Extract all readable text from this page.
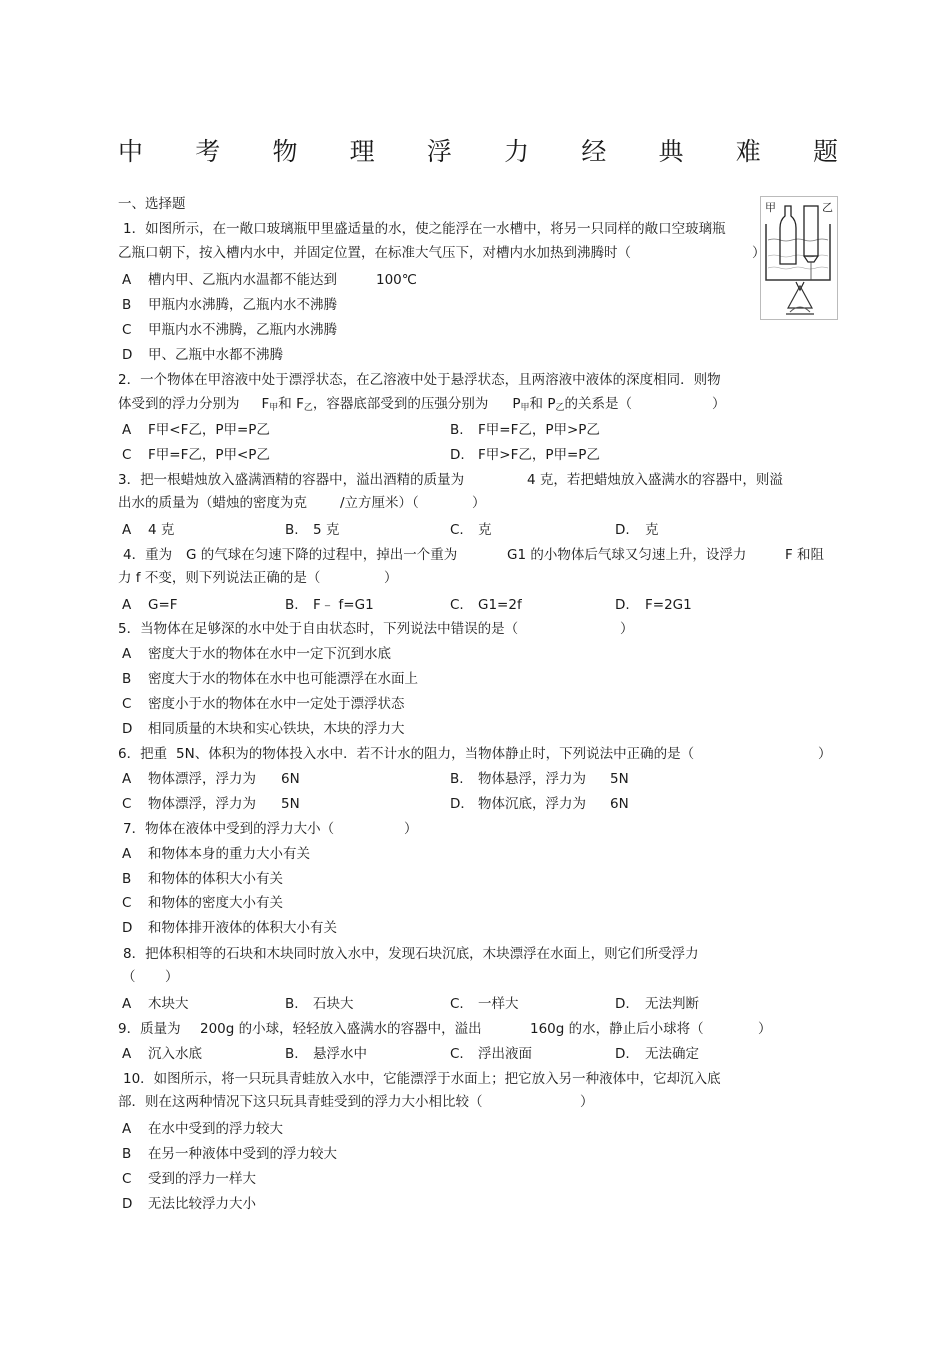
中 考 物 理 浮 力 经 典 难 题
一、选择题	甲	乙
1．如图所示，在一敞口玻璃瓶甲里盛适量的水，使之能浮在一水槽中，将另一只同样的敞口空玻璃瓶
乙瓶口朝下，按入槽内水中，并固定位置，在标准大气压下，对槽内水加热到沸腾时（	）
A 槽内甲、乙瓶内水温都不能达到	100℃
B 甲瓶内水沸腾，乙瓶内水不沸腾
C 甲瓶内水不沸腾，乙瓶内水沸腾
D 甲、乙瓶中水都不沸腾
2．一个物体在甲溶液中处于漂浮状态，在乙溶液中处于悬浮状态，且两溶液中液体的深度相同．则物
体受到的浮力分别为 $F_甲$和 $F_乙$，容器底部受到的压强分别为 $P_甲$和 $P_乙$的关系是（	）
A F甲<F乙，P甲=P乙	B. F甲=F乙，P甲>P乙
C F甲=F乙，P甲<P乙	D. F甲>F乙，P甲=P乙
3．把一根蜡烛放入盛满酒精的容器中，溢出酒精的质量为	4 克，若把蜡烛放入盛满水的容器中，则溢
出水的质量为（蜡烛的密度为克 /立方厘米）（	）
A 4 克	B. 5 克	C. 克	D. 克
4．重为 G 的气球在匀速下降的过程中，掉出一个重为	G1 的小物体后气球又匀速上升，设浮力	F 和阻
力 f 不变，则下列说法正确的是（	）
A G=F	B. F﹣ f=G1	C. G1=2f	D. F=2G1
5．当物体在足够深的水中处于自由状态时，下列说法中错误的是（	）
A 密度大于水的物体在水中一定下沉到水底
B 密度大于水的物体在水中也可能漂浮在水面上
C 密度小于水的物体在水中一定处于漂浮状态
D 相同质量的木块和实心铁块，木块的浮力大
6．把重 5N、体积为的物体投入水中．若不计水的阻力，当物体静止时，下列说法中正确的是（	）
A 物体漂浮，浮力为 6N	B. 物体悬浮，浮力为 5N
C 物体漂浮，浮力为 5N	D． 物体沉底，浮力为 6N
7．物体在液体中受到的浮力大小（	）
A 和物体本身的重力大小有关
B 和物体的体积大小有关
C 和物体的密度大小有关
D 和物体排开液体的体积大小有关
8．把体积相等的石块和木块同时放入水中，发现石块沉底，木块漂浮在水面上，则它们所受浮力
（ ）
A 木块大	B. 石块大	C. 一样大	D. 无法判断
9．质量为 200g 的小球，轻轻放入盛满水的容器中，溢出	160g 的水，静止后小球将（	）
A 沉入水底	B. 悬浮水中	C. 浮出液面	D. 无法确定
10．如图所示，将一只玩具青蛙放入水中，它能漂浮于水面上；把它放入另一种液体中，它却沉入底
部．则在这两种情况下这只玩具青蛙受到的浮力大小相比较（	）
A 在水中受到的浮力较大
B 在另一种液体中受到的浮力较大
C 受到的浮力一样大
D 无法比较浮力大小
